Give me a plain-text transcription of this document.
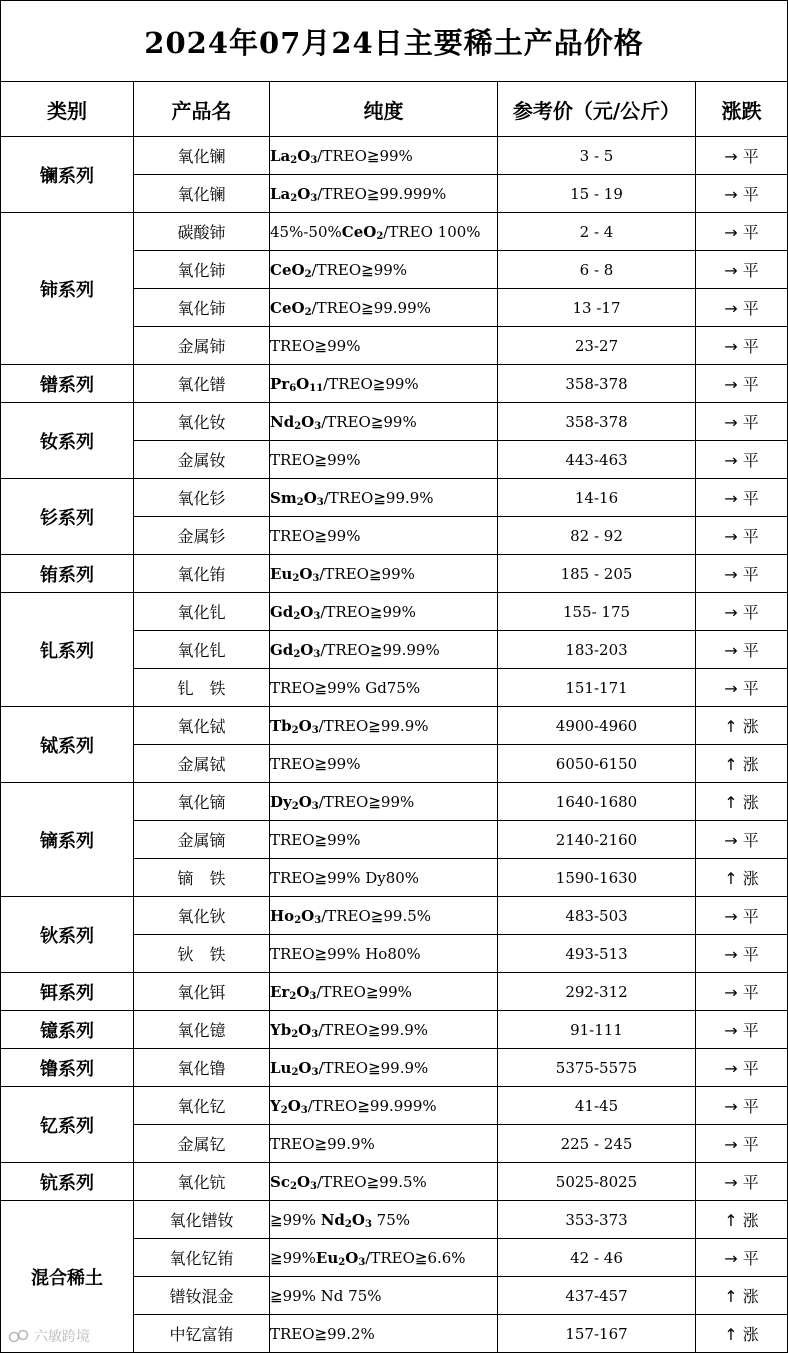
2024年07月24日主要稀土产品价格				
类别	产品名	纯度	参考价（元/公斤）	涨跌
镧系列	氧化镧	$La_2O_3/TREO≧99\%$	3 - 5	→ 平
	氧化镧	$La_2O_3/TREO≧99.999\%$	15 - 19	→ 平
铈系列	碳酸铈	45%-50%CeO$_2$/TREO 100%	2 - 4	→ 平
	氧化铈	CeO$_2$/TREO≧99%	6 - 8	→ 平
	氧化铈	CeO$_2$/TREO≧99.99%	13 -17	→ 平
	金属铈	TREO≧99%	23-27	→ 平
镨系列	氧化镨	$Pr_6O_{11}/TREO≧99\%$	358-378	→ 平
钕系列	氧化钕	$Nd_2O_3/TREO≧99\%$	358-378	→ 平
	金属钕	TREO≧99%	443-463	→ 平
钐系列	氧化钐	$Sm_2O_3/TREO≧99.9\%$	14-16	→ 平
	金属钐	TREO≧99%	82 - 92	→ 平
铕系列	氧化铕	$Eu_2O_3/TREO≧99\%$	185 - 205	→ 平
钆系列	氧化钆	$Gd_2O_3/TREO≧99\%$	155- 175	→ 平
	氧化钆	$Gd_2O_3/TREO≧99.99\%$	183-203	→ 平
	钆　铁	TREO≧99% Gd75%	151-171	→ 平
铽系列	氧化铽	$Tb_2O_3/TREO≧99.9\%$	4900-4960	↑ 涨
	金属铽	TREO≧99%	6050-6150	↑ 涨
镝系列	氧化镝	$Dy_2O_3/TREO≧99\%$	1640-1680	↑ 涨
	金属镝	TREO≧99%	2140-2160	→ 平
	镝　铁	TREO≧99% Dy80%	1590-1630	↑ 涨
钬系列	氧化钬	$Ho_2O_3/TREO≧99.5\%$	483-503	→ 平
	钬　铁	TREO≧99% Ho80%	493-513	→ 平
铒系列	氧化铒	$Er_2O_3/TREO≧99\%$	292-312	→ 平
镱系列	氧化镱	$Yb_2O_3/TREO≧99.9\%$	91-111	→ 平
镥系列	氧化镥	$Lu_2O_3/TREO≧99.9\%$	5375-5575	→ 平
钇系列	氧化钇	$Y_2O_3/TREO≧99.999\%$	41-45	→ 平
	金属钇	TREO≧99.9%	225 - 245	→ 平
钪系列	氧化钪	$Sc_2O_3/TREO≧99.5\%$	5025-8025	→ 平
混合稀土	氧化镨钕	≧99% $Nd_2O_3$ 75%	353-373	↑ 涨
	氧化钇铕	$≧99\%Eu_2O_3/TREO≧6.6\%$	42 - 46	→ 平
	镨钕混金	≧99% Nd 75%	437-457	↑ 涨
	中钇富铕	TREO≧99.2%	157-167	↑ 涨
六敏跨境
